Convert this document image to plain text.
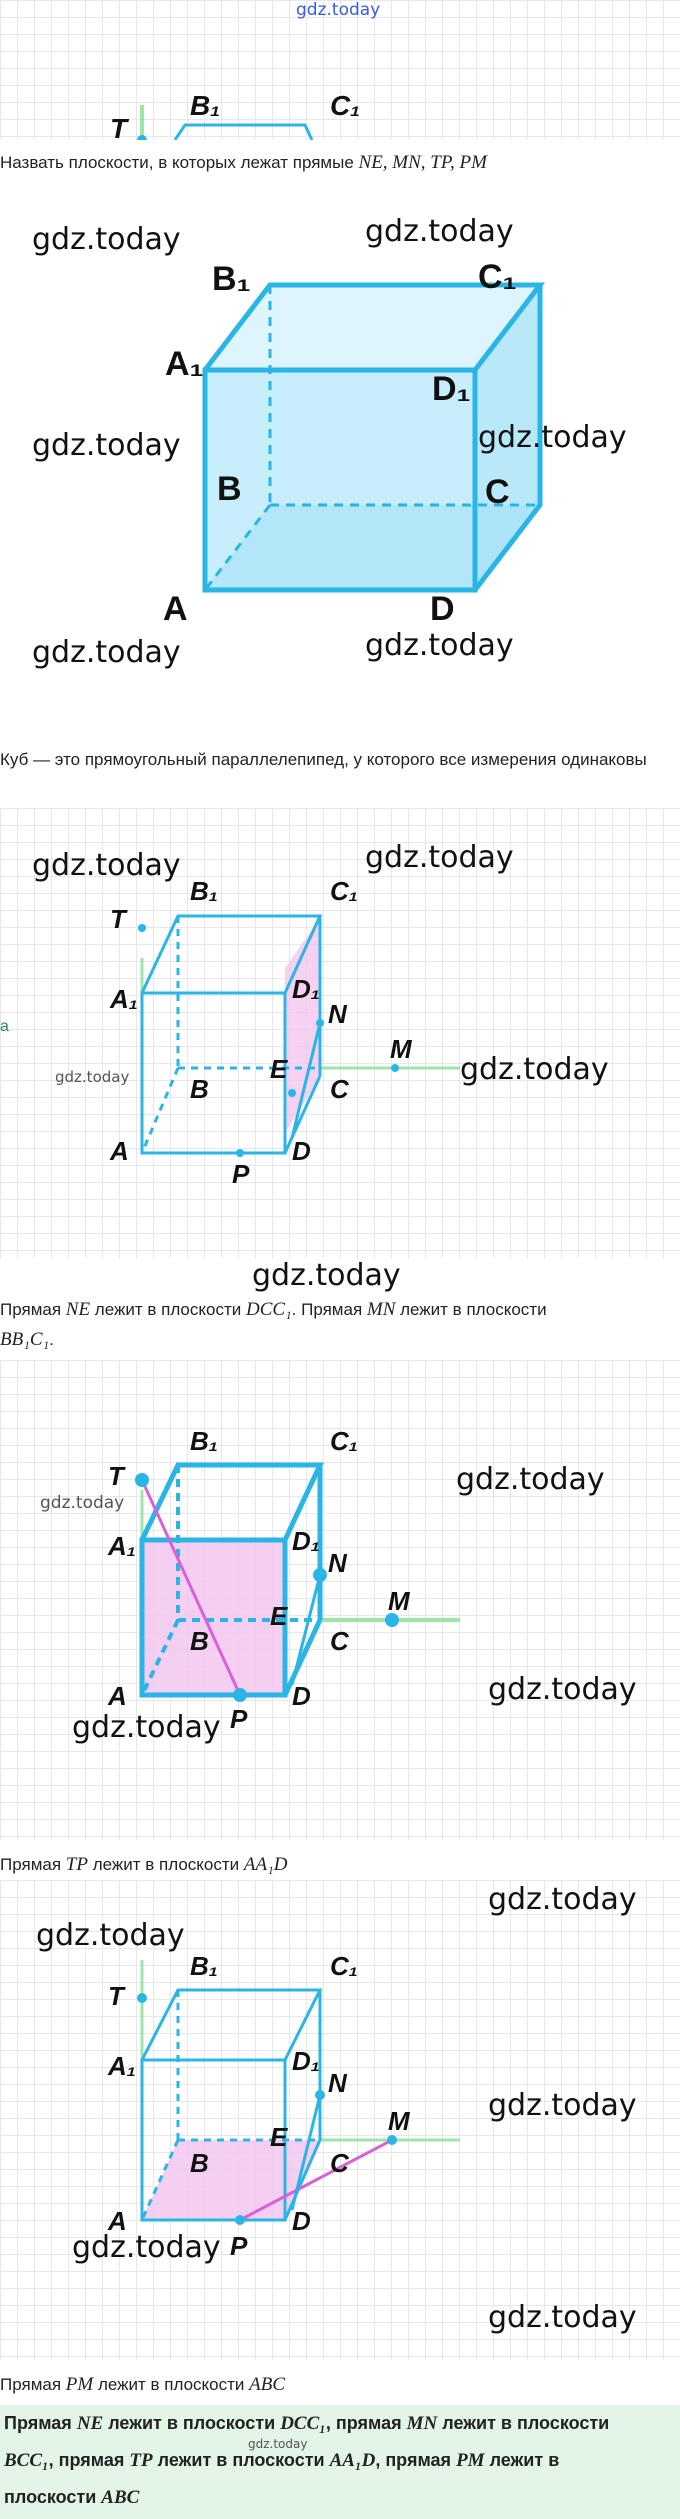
gdz.today
T
B₁	C₁
Назвать плоскости, в которых лежат прямые NE, MN, TP, PM
A₁
B₁	C₁
D₁
B	C
A	D
gdz.today	gdz.today
gdz.today	gdz.today
gdz.today	gdz.today
Куб — это прямоугольный параллелепипед, у которого все измерения одинаковы
a
T
B₁	C₁
A₁	D₁
N
E
B	C
M
A
P
D
gdz.today	gdz.today
gdz.today	gdz.today
gdz.today
Прямая NE лежит в плоскости DCC₁. Прямая MN лежит в плоскости
BB₁C₁.
T
B₁	C₁
A₁	D₁
N
E
B	C
M
A
P
D
gdz.today
gdz.today
gdz.today
gdz.today
Прямая TP лежит в плоскости AA₁D
T
B₁	C₁
A₁	D₁
N
E
B	C
M
A
P
D
gdz.today
gdz.today
gdz.today
gdz.today
gdz.today
Прямая PM лежит в плоскости ABC
Прямая NE лежит в плоскости DCC₁, прямая MN лежит в плоскости
BCC₁, прямая TP лежит в плоскости AA₁D, прямая PM лежит в
плоскости ABC
gdz.today
